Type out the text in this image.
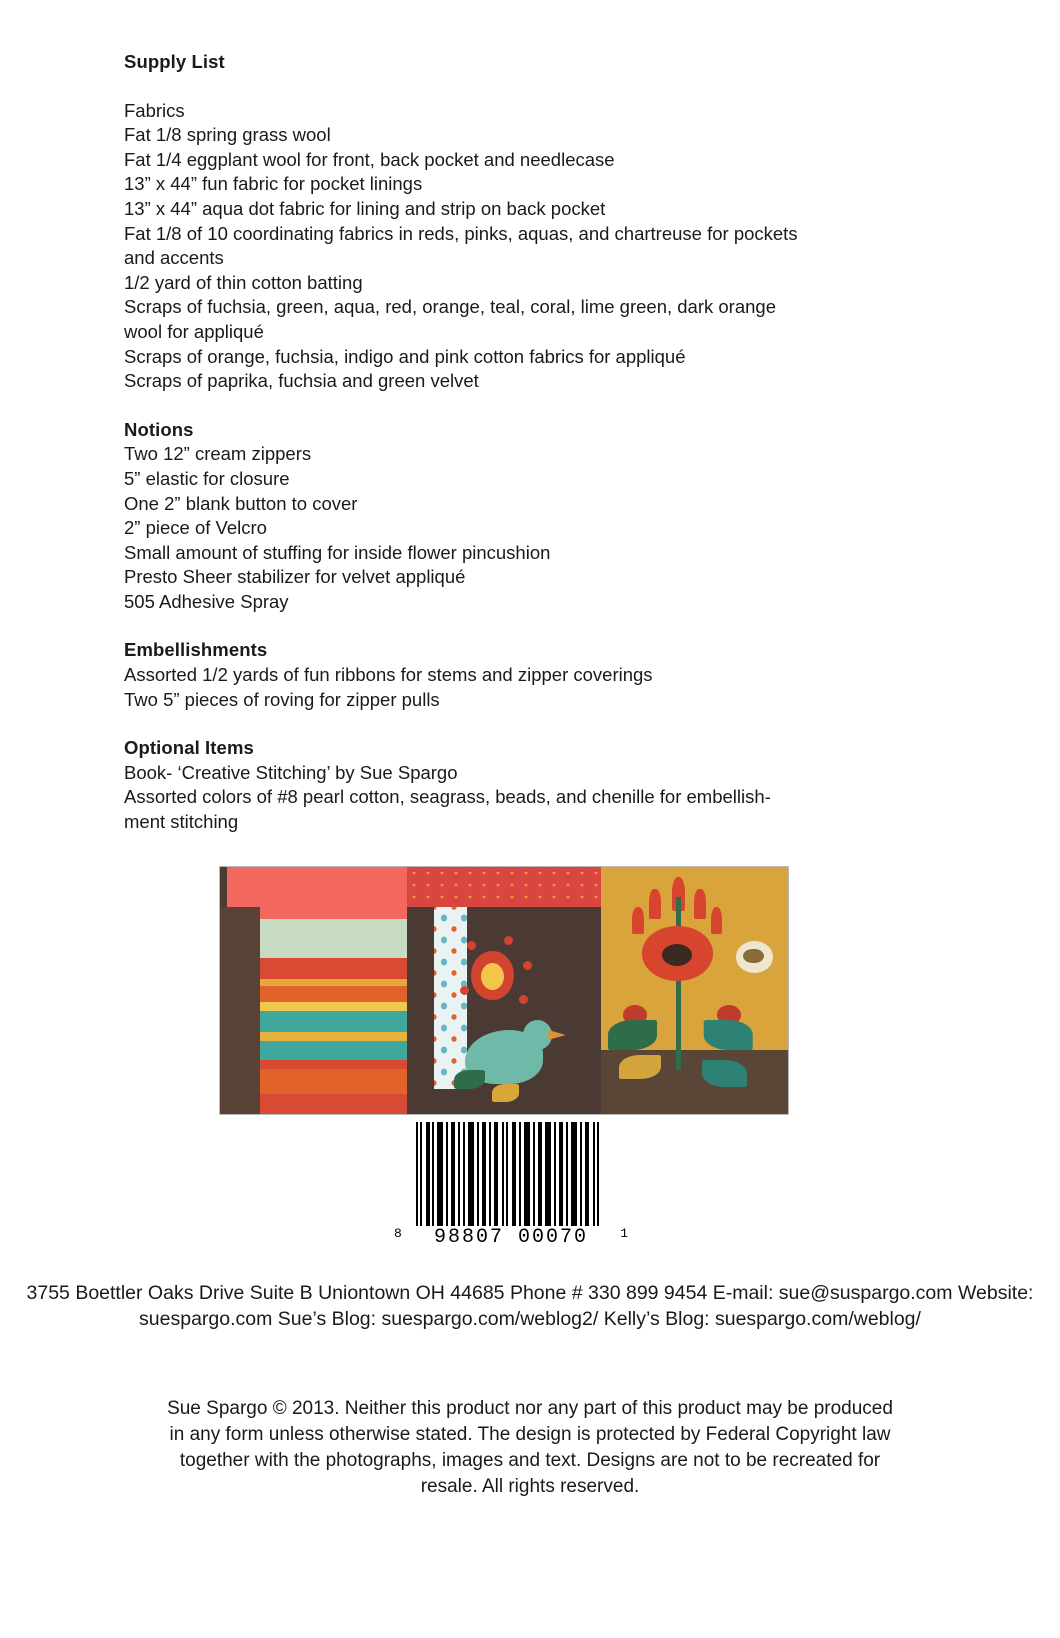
Supply List
Fabrics
Fat 1/8 spring grass wool
Fat 1/4 eggplant wool for front, back pocket and needlecase
13” x 44” fun fabric for pocket linings
13” x 44” aqua dot fabric for lining and strip on back pocket
Fat 1/8 of 10 coordinating fabrics in reds, pinks, aquas, and chartreuse for pockets
and accents
1/2 yard of thin cotton batting
Scraps of fuchsia, green, aqua, red, orange, teal, coral, lime green, dark orange
wool for appliqué
Scraps of orange, fuchsia, indigo and pink cotton fabrics for appliqué
Scraps of paprika, fuchsia and green velvet
Notions
Two 12” cream zippers
5” elastic for closure
One 2” blank button to cover
2” piece of Velcro
Small amount of stuffing for inside flower pincushion
Presto Sheer stabilizer for velvet appliqué
505 Adhesive Spray
Embellishments
Assorted 1/2 yards of fun ribbons for stems and zipper coverings
Two 5” pieces of roving for zipper pulls
Optional Items
Book- ‘Creative Stitching’ by Sue Spargo
Assorted colors of #8 pearl cotton, seagrass, beads, and chenille for embellish-
ment stitching
8	98807 00070	1
3755 Boettler Oaks Drive Suite B Uniontown OH 44685 Phone # 330 899 9454 E-mail: sue@suspargo.com Website: suespargo.com Sue’s Blog: suespargo.com/weblog2/ Kelly’s Blog: suespargo.com/weblog/
Sue Spargo © 2013. Neither this product nor any part of this product may be produced
in any form unless otherwise stated. The design is protected by Federal Copyright law
together with the photographs, images and text. Designs are not to be recreated for
resale. All rights reserved.
